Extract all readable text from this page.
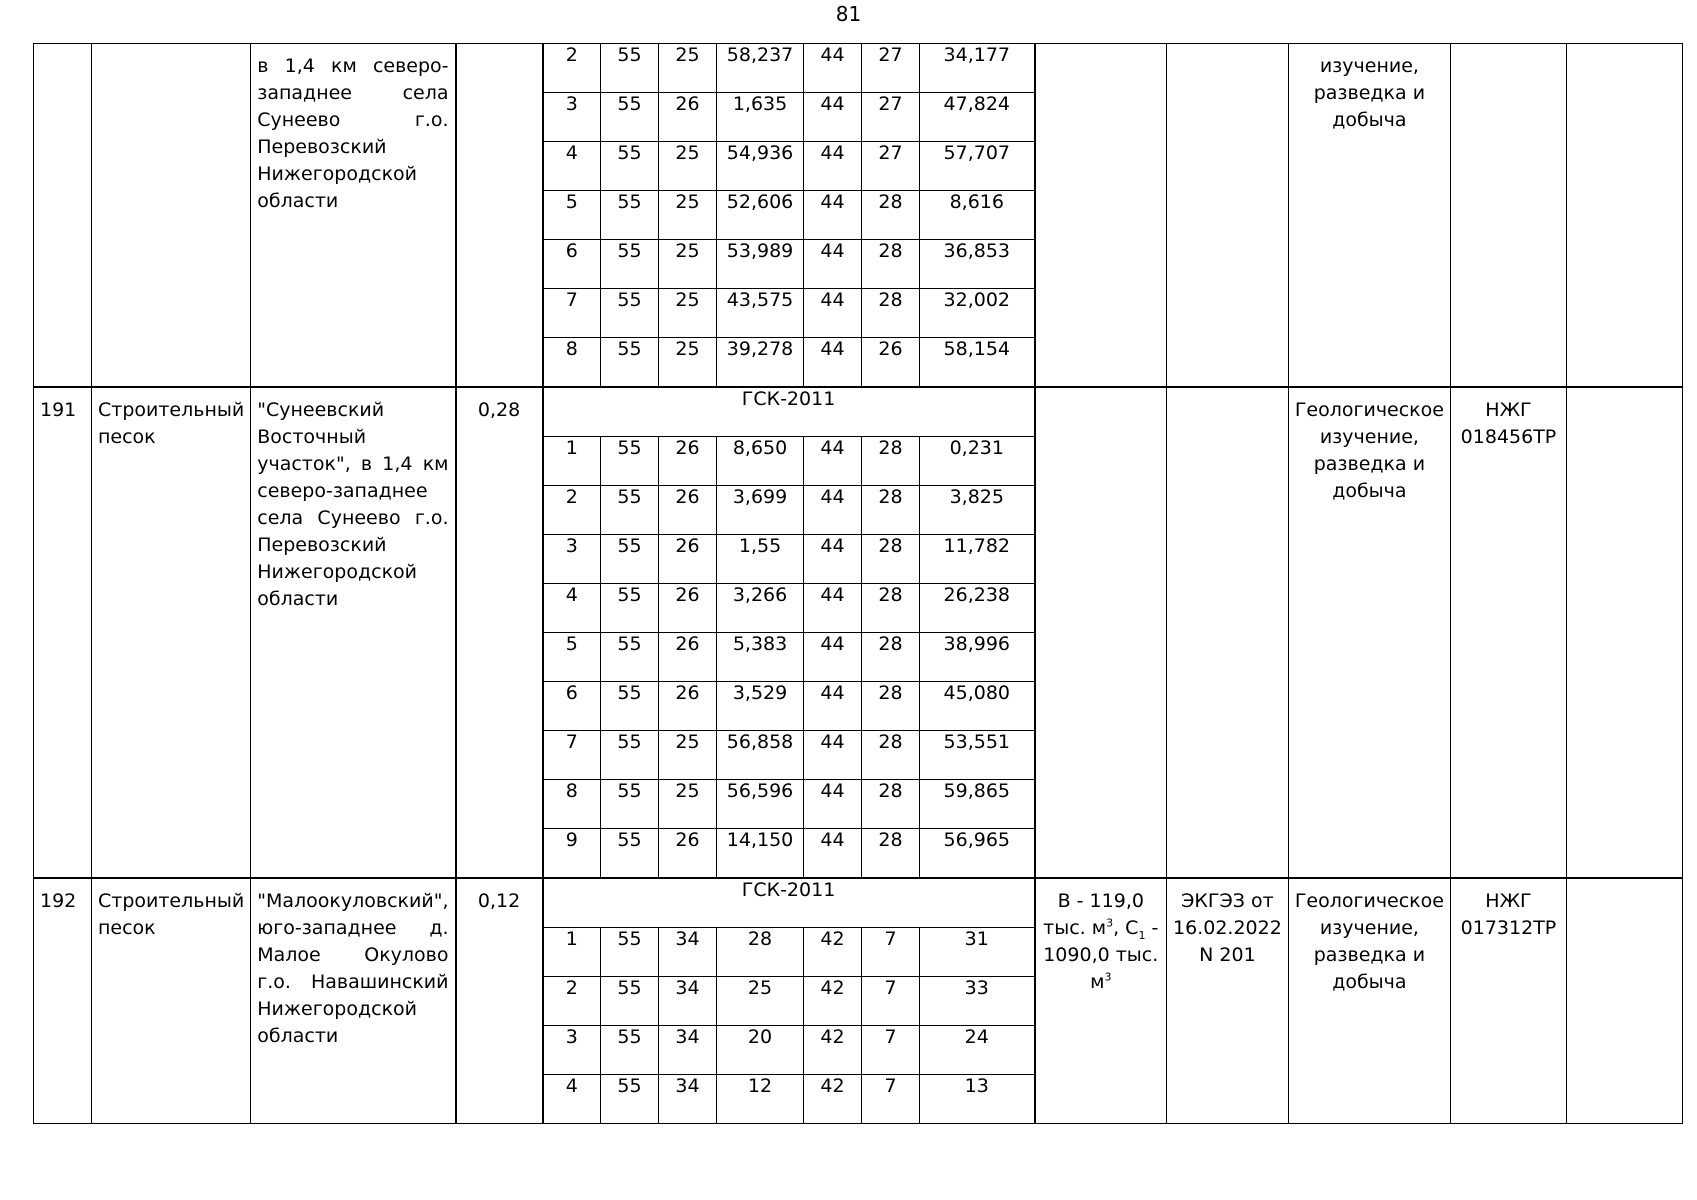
81

		в 1,4 км северо-западнее села Сунеево г.о. Перевозский Нижегородской области		2	55	25	58,237	44	27	34,177			изучение, разведка и добыча		

				3	55	26	1,635	44	27	47,824					
				4	55	25	54,936	44	27	57,707					
				5	55	25	52,606	44	28	8,616					
				6	55	25	53,989	44	28	36,853					
				7	55	25	43,575	44	28	32,002					
				8	55	25	39,278	44	26	58,154					

191	Строительный песок	"Сунеевский Восточный участок", в 1,4 км северо-западнее села Сунеево г.о. Перевозский Нижегородской области	0,28	ГСК-2011									Геологическое изучение, разведка и добыча	НЖГ 018456ТР	

				1	55	26	8,650	44	28	0,231					
				2	55	26	3,699	44	28	3,825					
				3	55	26	1,55	44	28	11,782					
				4	55	26	3,266	44	28	26,238					
				5	55	26	5,383	44	28	38,996					
				6	55	26	3,529	44	28	45,080					
				7	55	25	56,858	44	28	53,551					
				8	55	25	56,596	44	28	59,865					
				9	55	26	14,150	44	28	56,965					

192	Строительный песок	"Малоокуловский", юго-западнее д. Малое Окулово г.о. Навашинский Нижегородской области	0,12	ГСК-2011							В - 119,0 тыс. $м^3$, $С_1 - 1090,0$ тыс. $м^3$	ЭКГЭЗ от 16.02.2022 N 201	Геологическое изучение, разведка и добыча	НЖГ 017312ТР	

				1	55	34	28	42	7	31					
				2	55	34	25	42	7	33					
				3	55	34	20	42	7	24					
				4	55	34	12	42	7	13					
